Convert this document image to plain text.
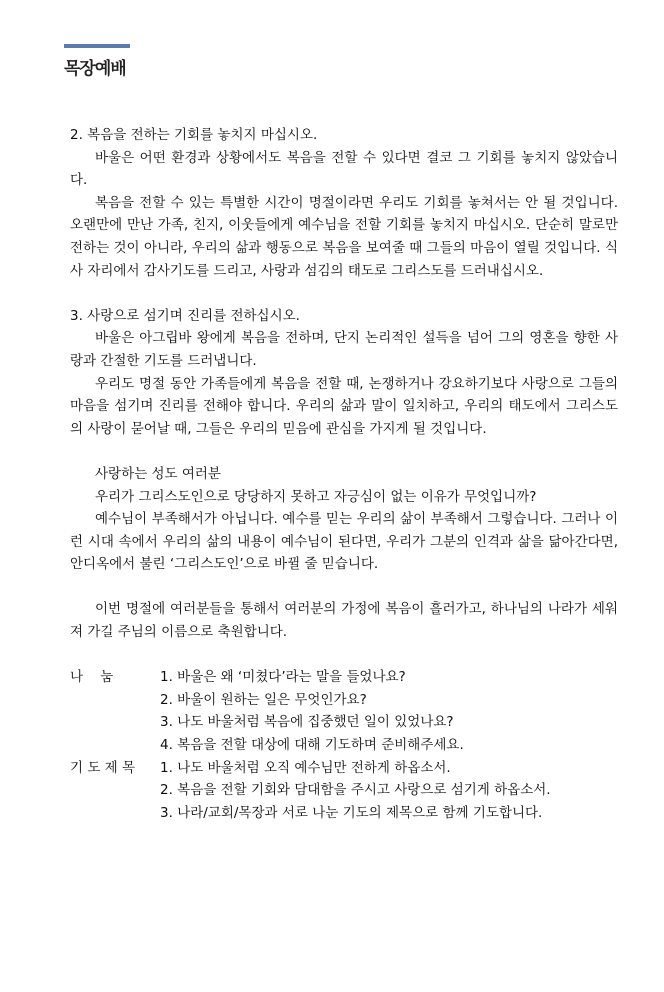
목장예배

2. 복음을 전하는 기회를 놓치지 마십시오.

바울은 어떤 환경과 상황에서도 복음을 전할 수 있다면 결코 그 기회를 놓치지 않았습니다.

복음을 전할 수 있는 특별한 시간이 명절이라면 우리도 기회를 놓쳐서는 안 될 것입니다. 오랜만에 만난 가족, 친지, 이웃들에게 예수님을 전할 기회를 놓치지 마십시오. 단순히 말로만 전하는 것이 아니라, 우리의 삶과 행동으로 복음을 보여줄 때 그들의 마음이 열릴 것입니다. 식사 자리에서 감사기도를 드리고, 사랑과 섬김의 태도로 그리스도를 드러내십시오.

3. 사랑으로 섬기며 진리를 전하십시오.

바울은 아그립바 왕에게 복음을 전하며, 단지 논리적인 설득을 넘어 그의 영혼을 향한 사랑과 간절한 기도를 드러냅니다.

우리도 명절 동안 가족들에게 복음을 전할 때, 논쟁하거나 강요하기보다 사랑으로 그들의 마음을 섬기며 진리를 전해야 합니다. 우리의 삶과 말이 일치하고, 우리의 태도에서 그리스도의 사랑이 묻어날 때, 그들은 우리의 믿음에 관심을 가지게 될 것입니다.

사랑하는 성도 여러분

우리가 그리스도인으로 당당하지 못하고 자긍심이 없는 이유가 무엇입니까?

예수님이 부족해서가 아닙니다. 예수를 믿는 우리의 삶이 부족해서 그렇습니다. 그러나 이런 시대 속에서 우리의 삶의 내용이 예수님이 된다면, 우리가 그분의 인격과 삶을 닮아간다면, 안디옥에서 불린 ‘그리스도인’으로 바뀔 줄 믿습니다.

이번 명절에 여러분들을 통해서 여러분의 가정에 복음이 흘러가고, 하나님의 나라가 세워져 가길 주님의 이름으로 축원합니다.

나    눔	1. 바울은 왜 ‘미쳤다’라는 말을 들었나요?
2. 바울이 원하는 일은 무엇인가요?
3. 나도 바울처럼 복음에 집중했던 일이 있었나요?
4. 복음을 전할 대상에 대해 기도하며 준비해주세요.
기 도 제 목	1. 나도 바울처럼 오직 예수님만 전하게 하옵소서.
2. 복음을 전할 기회와 담대함을 주시고 사랑으로 섬기게 하옵소서.
3. 나라/교회/목장과 서로 나눈 기도의 제목으로 함께 기도합니다.
